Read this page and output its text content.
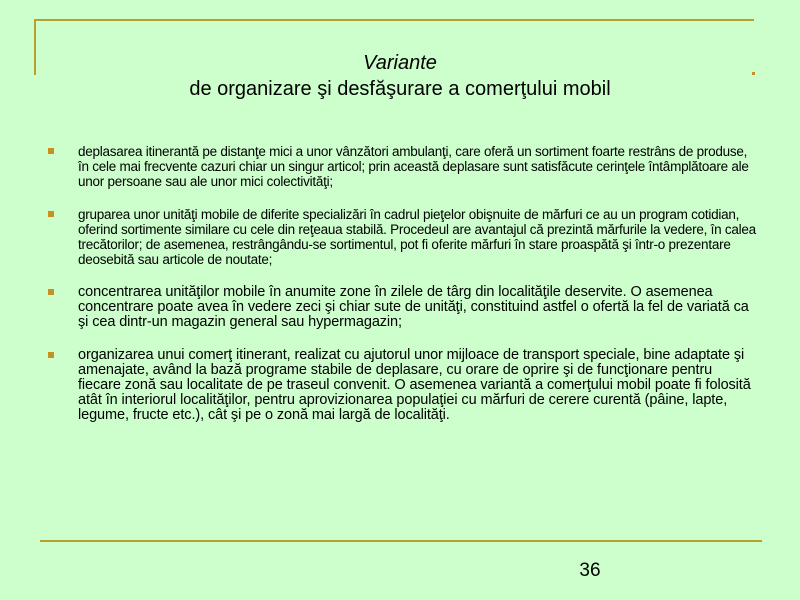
Variante
de organizare şi desfăşurare a comerţului mobil
deplasarea itinerantă pe distanţe mici a unor vânzători ambulanţi, care oferă un sortiment foarte restrâns de produse, în cele mai frecvente cazuri chiar un singur articol; prin această deplasare sunt satisfăcute cerinţele întâmplătoare ale unor persoane sau ale unor mici colectivităţi;
gruparea unor unităţi mobile de diferite specializări în cadrul pieţelor obişnuite de mărfuri ce au un program cotidian, oferind sortimente similare cu cele din reţeaua stabilă. Procedeul are avantajul că prezintă mărfurile la vedere, în calea trecătorilor; de asemenea, restrângându-se sortimentul, pot fi oferite mărfuri în stare proaspătă şi într-o prezentare deosebită sau articole de noutate;
concentrarea unităţilor mobile în anumite zone în zilele de târg din localităţile deservite. O asemenea concentrare poate avea în vedere zeci şi chiar sute de unităţi, constituind astfel o ofertă la fel de variată ca şi cea dintr-un magazin general sau hypermagazin;
organizarea unui comerţ itinerant, realizat cu ajutorul unor mijloace de transport speciale, bine adaptate şi amenajate, având la bază programe stabile de deplasare, cu orare de oprire şi de funcţionare pentru fiecare zonă sau localitate de pe traseul convenit. O asemenea variantă a comerţului mobil poate fi folosită atât în interiorul localităţilor, pentru aprovizionarea populaţiei cu mărfuri de cerere curentă (pâine, lapte, legume, fructe etc.), cât şi pe o zonă mai largă de localităţi.
36
